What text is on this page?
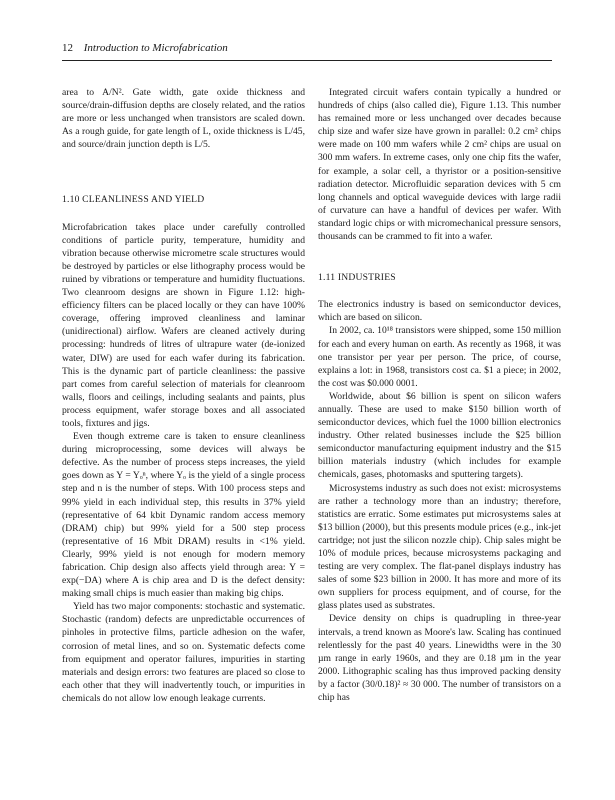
12 Introduction to Microfabrication

area to A/N². Gate width, gate oxide thickness and source/drain-diffusion depths are closely related, and the ratios are more or less unchanged when transistors are scaled down. As a rough guide, for gate length of L, oxide thickness is L/45, and source/drain junction depth is L/5.

1.10 CLEANLINESS AND YIELD

Microfabrication takes place under carefully controlled conditions of particle purity, temperature, humidity and vibration because otherwise micrometre scale structures would be destroyed by particles or else lithography process would be ruined by vibrations or temperature and humidity fluctuations. Two cleanroom designs are shown in Figure 1.12: high-efficiency filters can be placed locally or they can have 100% coverage, offering improved cleanliness and laminar (unidirectional) airflow. Wafers are cleaned actively during processing: hundreds of litres of ultrapure water (de-ionized water, DIW) are used for each wafer during its fabrication. This is the dynamic part of particle cleanliness: the passive part comes from careful selection of materials for cleanroom walls, floors and ceilings, including sealants and paints, plus process equipment, wafer storage boxes and all associated tools, fixtures and jigs.

Even though extreme care is taken to ensure cleanliness during microprocessing, some devices will always be defective. As the number of process steps increases, the yield goes down as Y = Yₒⁿ, where Yₒ is the yield of a single process step and n is the number of steps. With 100 process steps and 99% yield in each individual step, this results in 37% yield (representative of 64 kbit Dynamic random access memory (DRAM) chip) but 99% yield for a 500 step process (representative of 16 Mbit DRAM) results in <1% yield. Clearly, 99% yield is not enough for modern memory fabrication. Chip design also affects yield through area: Y = exp(−DA) where A is chip area and D is the defect density: making small chips is much easier than making big chips.

Yield has two major components: stochastic and systematic. Stochastic (random) defects are unpredictable occurrences of pinholes in protective films, particle adhesion on the wafer, corrosion of metal lines, and so on. Systematic defects come from equipment and operator failures, impurities in starting materials and design errors: two features are placed so close to each other that they will inadvertently touch, or impurities in chemicals do not allow low enough leakage currents.

Integrated circuit wafers contain typically a hundred or hundreds of chips (also called die), Figure 1.13. This number has remained more or less unchanged over decades because chip size and wafer size have grown in parallel: 0.2 cm² chips were made on 100 mm wafers while 2 cm² chips are usual on 300 mm wafers. In extreme cases, only one chip fits the wafer, for example, a solar cell, a thyristor or a position-sensitive radiation detector. Microfluidic separation devices with 5 cm long channels and optical waveguide devices with large radii of curvature can have a handful of devices per wafer. With standard logic chips or with micromechanical pressure sensors, thousands can be crammed to fit into a wafer.

1.11 INDUSTRIES

The electronics industry is based on semiconductor devices, which are based on silicon.

In 2002, ca. 10¹⁸ transistors were shipped, some 150 million for each and every human on earth. As recently as 1968, it was one transistor per year per person. The price, of course, explains a lot: in 1968, transistors cost ca. $1 a piece; in 2002, the cost was $0.000 0001.

Worldwide, about $6 billion is spent on silicon wafers annually. These are used to make $150 billion worth of semiconductor devices, which fuel the 1000 billion electronics industry. Other related businesses include the $25 billion semiconductor manufacturing equipment industry and the $15 billion materials industry (which includes for example chemicals, gases, photomasks and sputtering targets).

Microsystems industry as such does not exist: microsystems are rather a technology more than an industry; therefore, statistics are erratic. Some estimates put microsystems sales at $13 billion (2000), but this presents module prices (e.g., ink-jet cartridge; not just the silicon nozzle chip). Chip sales might be 10% of module prices, because microsystems packaging and testing are very complex. The flat-panel displays industry has sales of some $23 billion in 2000. It has more and more of its own suppliers for process equipment, and of course, for the glass plates used as substrates.

Device density on chips is quadrupling in three-year intervals, a trend known as Moore's law. Scaling has continued relentlessly for the past 40 years. Linewidths were in the 30 µm range in early 1960s, and they are 0.18 µm in the year 2000. Lithographic scaling has thus improved packing density by a factor (30/0.18)² ≈ 30 000. The number of transistors on a chip has
